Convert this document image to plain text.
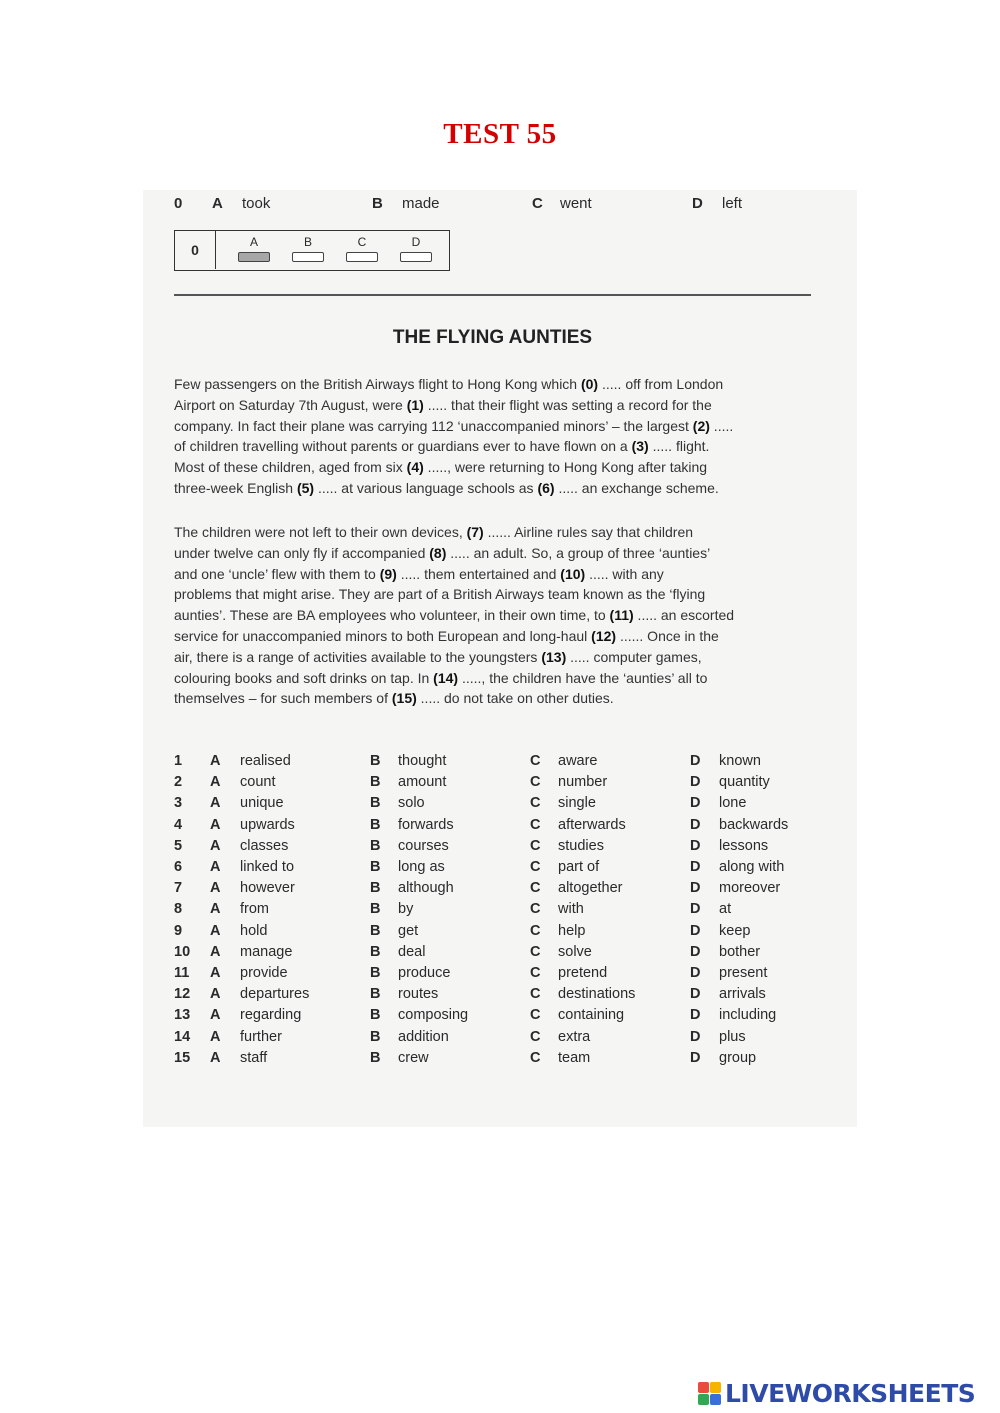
TEST 55
0 A took	B made	C went	D left
0	A	B	C	D
THE FLYING AUNTIES
Few passengers on the British Airways flight to Hong Kong which (0) ..... off from London
Airport on Saturday 7th August, were (1) ..... that their flight was setting a record for the
company. In fact their plane was carrying 112 ‘unaccompanied minors’ – the largest (2) .....
of children travelling without parents or guardians ever to have flown on a (3) ..... flight.
Most of these children, aged from six (4) ....., were returning to Hong Kong after taking
three-week English (5) ..... at various language schools as (6) ..... an exchange scheme.
The children were not left to their own devices, (7) ...... Airline rules say that children
under twelve can only fly if accompanied (8) ..... an adult. So, a group of three ‘aunties’
and one ‘uncle’ flew with them to (9) ..... them entertained and (10) ..... with any
problems that might arise. They are part of a British Airways team known as the ‘flying
aunties’. These are BA employees who volunteer, in their own time, to (11) ..... an escorted
service for unaccompanied minors to both European and long-haul (12) ...... Once in the
air, there is a range of activities available to the youngsters (13) ..... computer games,
colouring books and soft drinks on tap. In (14) ....., the children have the ‘aunties’ all to
themselves – for such members of (15) ..... do not take on other duties.
1 A realised	B thought	C aware	D known
2 A count	B amount	C number	D quantity
3 A unique	B solo	C single	D lone
4 A upwards	B forwards	C afterwards	D backwards
5 A classes	B courses	C studies	D lessons
6 A linked to	B long as	C part of	D along with
7 A however	B although	C altogether	D moreover
8 A from	B by	C with	D at
9 A hold	B get	C help	D keep
10 A manage	B deal	C solve	D bother
11 A provide	B produce	C pretend	D present
12 A departures	B routes	C destinations	D arrivals
13 A regarding	B composing	C containing	D including
14 A further	B addition	C extra	D plus
15 A staff	B crew	C team	D group
LIVEWORKSHEETS
